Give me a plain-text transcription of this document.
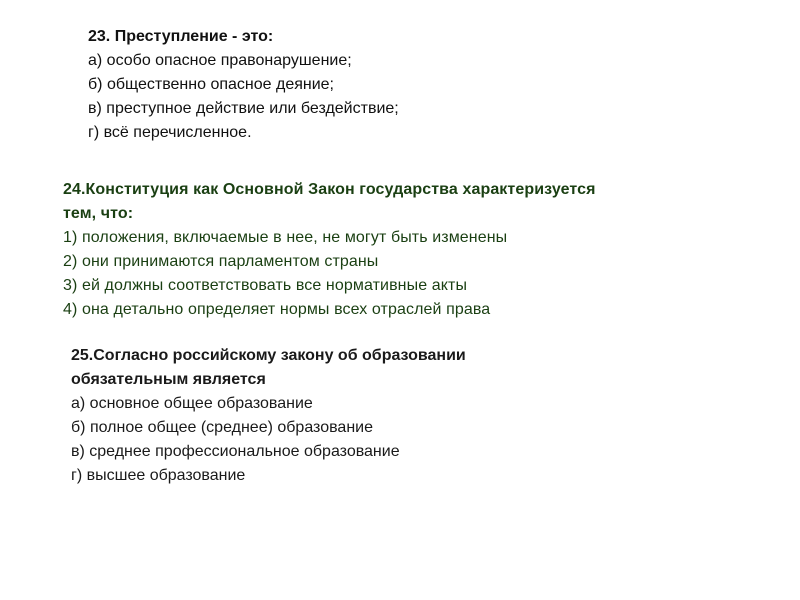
23. Преступление - это:
а) особо опасное правонарушение;
б) общественно опасное деяние;
в) преступное действие или бездействие;
г) всё перечисленное.
24.Конституция как Основной Закон государства характеризуется
тем, что:
1) положения, включаемые в нее, не могут быть изменены
2) они принимаются парламентом страны
3) ей должны соответствовать все нормативные акты
4) она детально определяет нормы всех отраслей права
25.Согласно российскому закону об образовании
обязательным является
а) основное общее образование
б) полное общее (среднее) образование
в) среднее профессиональное образование
г) высшее образование
